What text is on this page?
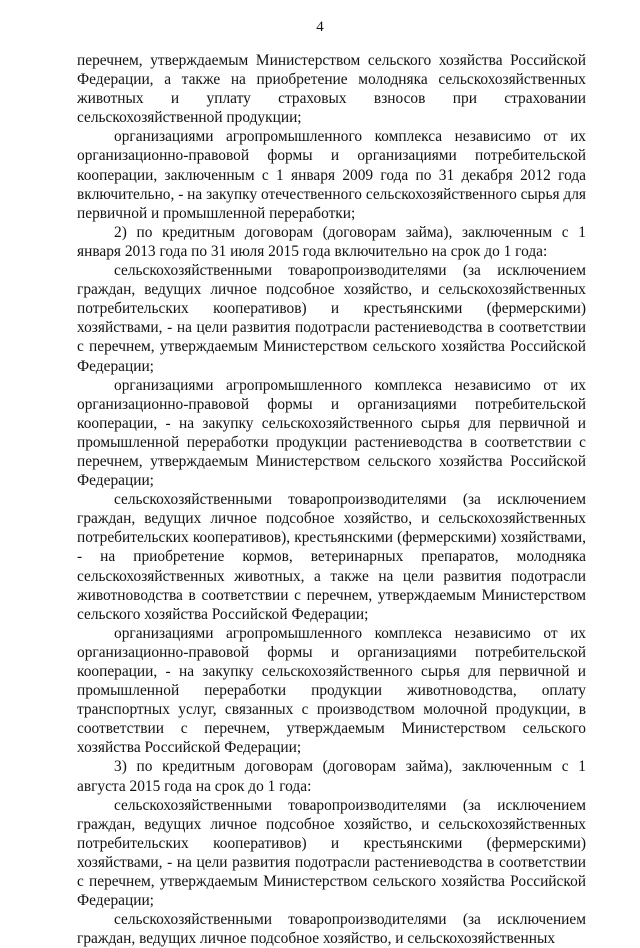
4

перечнем, утверждаемым Министерством сельского хозяйства Российской Федерации, а также на приобретение молодняка сельскохозяйственных животных и уплату страховых взносов при страховании сельскохозяйственной продукции;

организациями агропромышленного комплекса независимо от их организационно-правовой формы и организациями потребительской кооперации, заключенным с 1 января 2009 года по 31 декабря 2012 года включительно, - на закупку отечественного сельскохозяйственного сырья для первичной и промышленной переработки;

2) по кредитным договорам (договорам займа), заключенным с 1 января 2013 года по 31 июля 2015 года включительно на срок до 1 года:

сельскохозяйственными товаропроизводителями (за исключением граждан, ведущих личное подсобное хозяйство, и сельскохозяйственных потребительских кооперативов) и крестьянскими (фермерскими) хозяйствами, - на цели развития подотрасли растениеводства в соответствии с перечнем, утверждаемым Министерством сельского хозяйства Российской Федерации;

организациями агропромышленного комплекса независимо от их организационно-правовой формы и организациями потребительской кооперации, - на закупку сельскохозяйственного сырья для первичной и промышленной переработки продукции растениеводства в соответствии с перечнем, утверждаемым Министерством сельского хозяйства Российской Федерации;

сельскохозяйственными товаропроизводителями (за исключением граждан, ведущих личное подсобное хозяйство, и сельскохозяйственных потребительских кооперативов), крестьянскими (фермерскими) хозяйствами, - на приобретение кормов, ветеринарных препаратов, молодняка сельскохозяйственных животных, а также на цели развития подотрасли животноводства в соответствии с перечнем, утверждаемым Министерством сельского хозяйства Российской Федерации;

организациями агропромышленного комплекса независимо от их организационно-правовой формы и организациями потребительской кооперации, - на закупку сельскохозяйственного сырья для первичной и промышленной переработки продукции животноводства, оплату транспортных услуг, связанных с производством молочной продукции, в соответствии с перечнем, утверждаемым Министерством сельского хозяйства Российской Федерации;

3) по кредитным договорам (договорам займа), заключенным с 1 августа 2015 года на срок до 1 года:

сельскохозяйственными товаропроизводителями (за исключением граждан, ведущих личное подсобное хозяйство, и сельскохозяйственных потребительских кооперативов) и крестьянскими (фермерскими) хозяйствами, - на цели развития подотрасли растениеводства в соответствии с перечнем, утверждаемым Министерством сельского хозяйства Российской Федерации;

сельскохозяйственными товаропроизводителями (за исключением граждан, ведущих личное подсобное хозяйство, и сельскохозяйственных
